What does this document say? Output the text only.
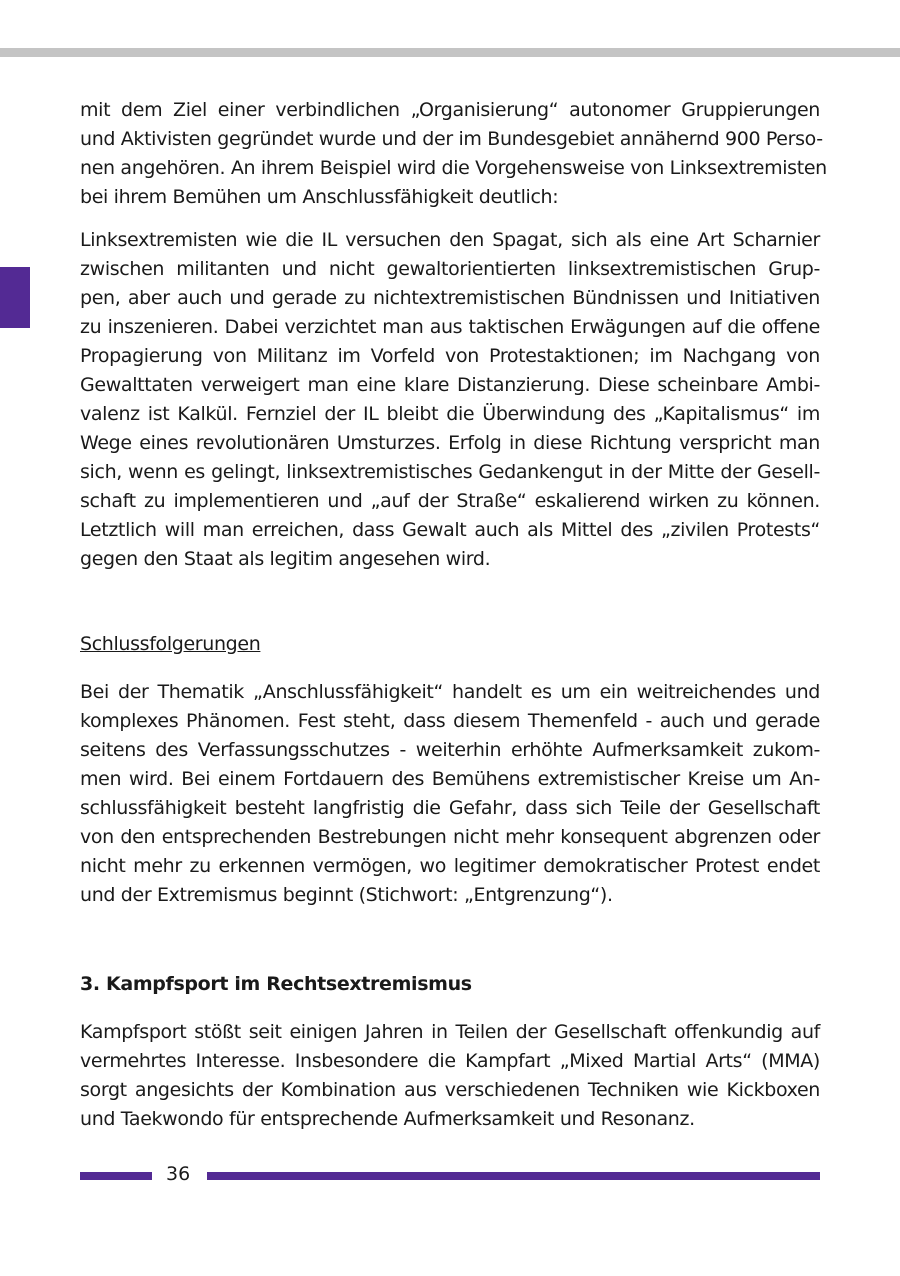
mit dem Ziel einer verbindlichen „Organisierung“ autonomer Gruppierungen
und Aktivisten gegründet wurde und der im Bundesgebiet annähernd 900 Perso-
nen angehören. An ihrem Beispiel wird die Vorgehensweise von Linksextremisten
bei ihrem Bemühen um Anschlussfähigkeit deutlich:
Linksextremisten wie die IL versuchen den Spagat, sich als eine Art Scharnier
zwischen militanten und nicht gewaltorientierten linksextremistischen Grup-
pen, aber auch und gerade zu nichtextremistischen Bündnissen und Initiativen
zu inszenieren. Dabei verzichtet man aus taktischen Erwägungen auf die offene
Propagierung von Militanz im Vorfeld von Protestaktionen; im Nachgang von
Gewalttaten verweigert man eine klare Distanzierung. Diese scheinbare Ambi-
valenz ist Kalkül. Fernziel der IL bleibt die Überwindung des „Kapitalismus“ im
Wege eines revolutionären Umsturzes. Erfolg in diese Richtung verspricht man
sich, wenn es gelingt, linksextremistisches Gedankengut in der Mitte der Gesell-
schaft zu implementieren und „auf der Straße“ eskalierend wirken zu können.
Letztlich will man erreichen, dass Gewalt auch als Mittel des „zivilen Protests“
gegen den Staat als legitim angesehen wird.
Schlussfolgerungen
Bei der Thematik „Anschlussfähigkeit“ handelt es um ein weitreichendes und
komplexes Phänomen. Fest steht, dass diesem Themenfeld - auch und gerade
seitens des Verfassungsschutzes - weiterhin erhöhte Aufmerksamkeit zukom-
men wird. Bei einem Fortdauern des Bemühens extremistischer Kreise um An-
schlussfähigkeit besteht langfristig die Gefahr, dass sich Teile der Gesellschaft
von den entsprechenden Bestrebungen nicht mehr konsequent abgrenzen oder
nicht mehr zu erkennen vermögen, wo legitimer demokratischer Protest endet
und der Extremismus beginnt (Stichwort: „Entgrenzung“).
3. Kampfsport im Rechtsextremismus
Kampfsport stößt seit einigen Jahren in Teilen der Gesellschaft offenkundig auf
vermehrtes Interesse. Insbesondere die Kampfart „Mixed Martial Arts“ (MMA)
sorgt angesichts der Kombination aus verschiedenen Techniken wie Kickboxen
und Taekwondo für entsprechende Aufmerksamkeit und Resonanz.
36
